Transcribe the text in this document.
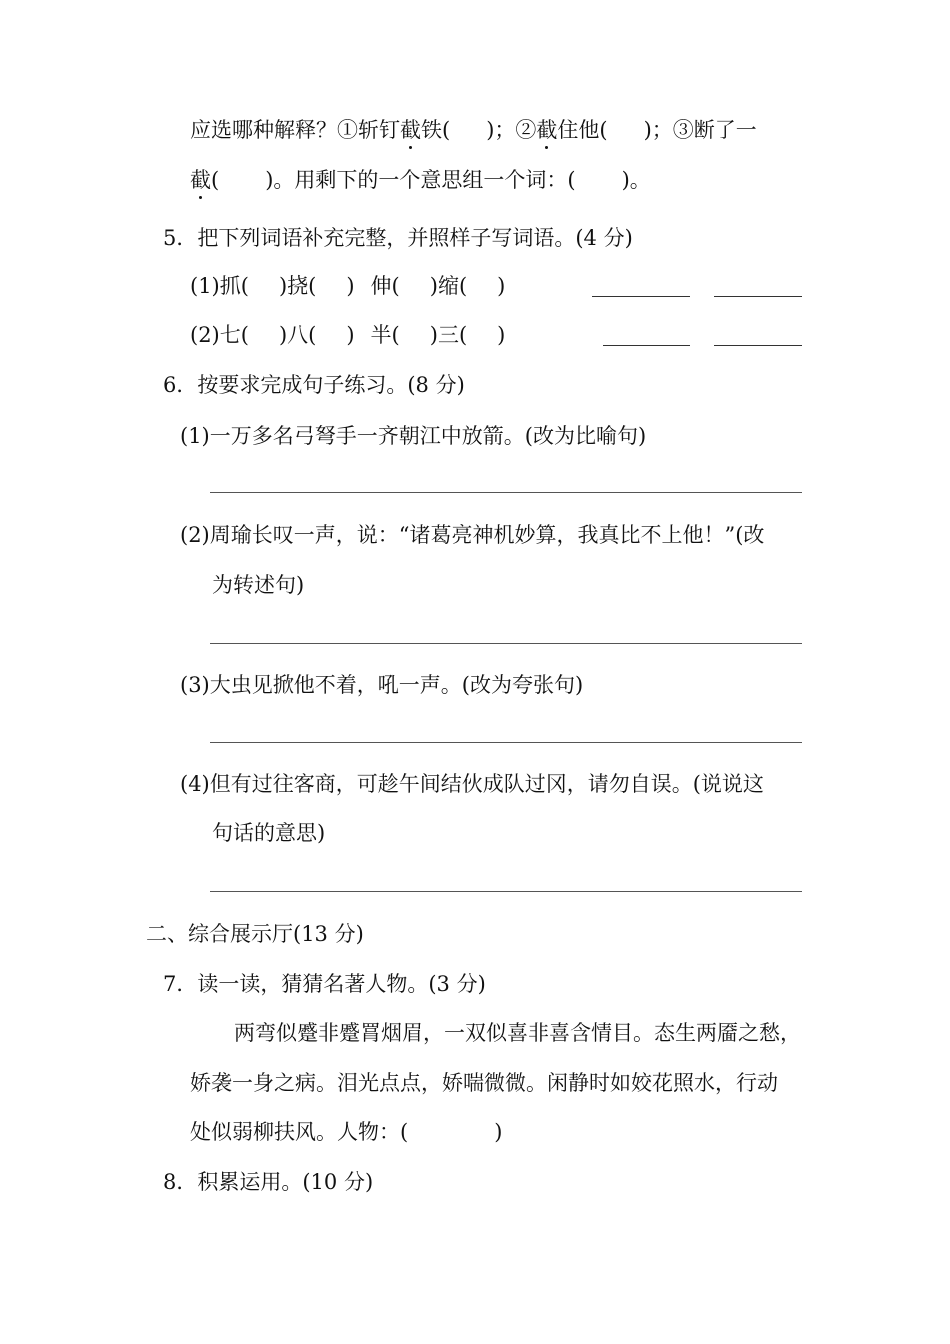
应选哪种解释？①斩钉截铁( )；②截住他( )；③断了一
截( )。用剩下的一个意思组一个词：( )。
5．把下列词语补充完整，并照样子写词语。(4 分)
(1)抓( )挠( ) 伸( )缩( )
(2)七( )八( ) 半( )三( )
6．按要求完成句子练习。(8 分)
(1)一万多名弓弩手一齐朝江中放箭。(改为比喻句)
(2)周瑜长叹一声，说：“诸葛亮神机妙算，我真比不上他！”(改
为转述句)
(3)大虫见掀他不着，吼一声。(改为夸张句)
(4)但有过往客商，可趁午间结伙成队过冈，请勿自误。(说说这
句话的意思)
二、综合展示厅(13 分)
7．读一读，猜猜名著人物。(3 分)
两弯似蹙非蹙罥烟眉，一双似喜非喜含情目。态生两靥之愁，
娇袭一身之病。泪光点点，娇喘微微。闲静时如姣花照水，行动
处似弱柳扶风。人物：(	)
8．积累运用。(10 分)
